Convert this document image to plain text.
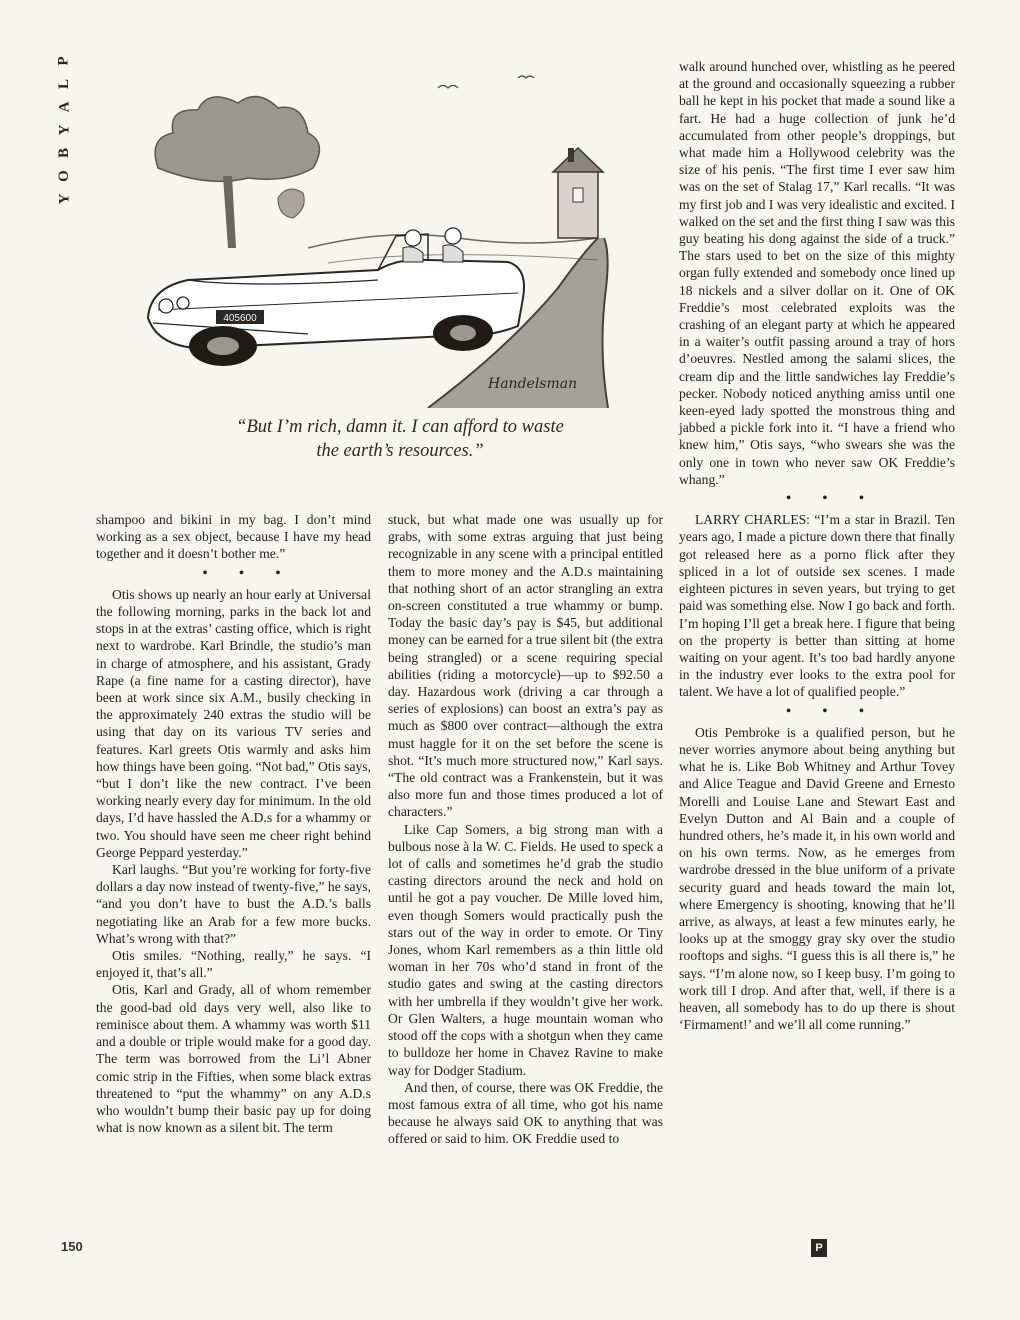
P
L
A
Y
B
O
Y
405600
Handelsman
“But I’m rich, damn it. I can afford to waste
the earth’s resources.”

shampoo and bikini in my bag. I don’t mind working as a sex object, because I have my head together and it doesn’t bother me.”

• • •

Otis shows up nearly an hour early at Universal the following morning, parks in the back lot and stops in at the extras’ casting office, which is right next to wardrobe. Karl Brindle, the studio’s man in charge of atmosphere, and his assistant, Grady Rape (a fine name for a casting director), have been at work since six A.M., busily checking in the approximately 240 extras the studio will be using that day on its various TV series and features. Karl greets Otis warmly and asks him how things have been going. “Not bad,” Otis says, “but I don’t like the new contract. I’ve been working nearly every day for minimum. In the old days, I’d have hassled the A.D.s for a whammy or two. You should have seen me cheer right behind George Peppard yesterday.”

Karl laughs. “But you’re working for forty-five dollars a day now instead of twenty-five,” he says, “and you don’t have to bust the A.D.’s balls negotiating like an Arab for a few more bucks. What’s wrong with that?”

Otis smiles. “Nothing, really,” he says. “I enjoyed it, that’s all.”

Otis, Karl and Grady, all of whom remember the good-bad old days very well, also like to reminisce about them. A whammy was worth $11 and a double or triple would make for a good day. The term was borrowed from the Li’l Abner comic strip in the Fifties, when some black extras threatened to “put the whammy” on any A.D.s who wouldn’t bump their basic pay up for doing what is now known as a silent bit. The term

stuck, but what made one was usually up for grabs, with some extras arguing that just being recognizable in any scene with a principal entitled them to more money and the A.D.s maintaining that nothing short of an actor strangling an extra on-screen constituted a true whammy or bump. Today the basic day’s pay is $45, but additional money can be earned for a true silent bit (the extra being strangled) or a scene requiring special abilities (riding a motorcycle)—up to $92.50 a day. Hazardous work (driving a car through a series of explosions) can boost an extra’s pay as much as $800 over contract—although the extra must haggle for it on the set before the scene is shot. “It’s much more structured now,” Karl says. “The old contract was a Frankenstein, but it was also more fun and those times produced a lot of characters.”

Like Cap Somers, a big strong man with a bulbous nose à la W. C. Fields. He used to speck a lot of calls and sometimes he’d grab the studio casting directors around the neck and hold on until he got a pay voucher. De Mille loved him, even though Somers would practically push the stars out of the way in order to emote. Or Tiny Jones, whom Karl remembers as a thin little old woman in her 70s who’d stand in front of the studio gates and swing at the casting directors with her umbrella if they wouldn’t give her work. Or Glen Walters, a huge mountain woman who stood off the cops with a shotgun when they came to bulldoze her home in Chavez Ravine to make way for Dodger Stadium.

And then, of course, there was OK Freddie, the most famous extra of all time, who got his name because he always said OK to anything that was offered or said to him. OK Freddie used to

walk around hunched over, whistling as he peered at the ground and occasionally squeezing a rubber ball he kept in his pocket that made a sound like a fart. He had a huge collection of junk he’d accumulated from other people’s droppings, but what made him a Hollywood celebrity was the size of his penis. “The first time I ever saw him was on the set of Stalag 17,” Karl recalls. “It was my first job and I was very idealistic and excited. I walked on the set and the first thing I saw was this guy beating his dong against the side of a truck.” The stars used to bet on the size of this mighty organ fully extended and somebody once lined up 18 nickels and a silver dollar on it. One of OK Freddie’s most celebrated exploits was the crashing of an elegant party at which he appeared in a waiter’s outfit passing around a tray of hors d’oeuvres. Nestled among the salami slices, the cream dip and the little sandwiches lay Freddie’s pecker. Nobody noticed anything amiss until one keen-eyed lady spotted the monstrous thing and jabbed a pickle fork into it. “I have a friend who knew him,” Otis says, “who swears she was the only one in town who never saw OK Freddie’s whang.”

• • •

LARRY CHARLES: “I’m a star in Brazil. Ten years ago, I made a picture down there that finally got released here as a porno flick after they spliced in a lot of outside sex scenes. I made eighteen pictures in seven years, but trying to get paid was something else. Now I go back and forth. I’m hoping I’ll get a break here. I figure that being on the property is better than sitting at home waiting on your agent. It’s too bad hardly anyone in the industry ever looks to the extra pool for talent. We have a lot of qualified people.”

• • •

Otis Pembroke is a qualified person, but he never worries anymore about being anything but what he is. Like Bob Whitney and Arthur Tovey and Alice Teague and David Greene and Ernesto Morelli and Louise Lane and Stewart East and Evelyn Dutton and Al Bain and a couple of hundred others, he’s made it, in his own world and on his own terms. Now, as he emerges from wardrobe dressed in the blue uniform of a private security guard and heads toward the main lot, where Emergency is shooting, knowing that he’ll arrive, as always, at least a few minutes early, he looks up at the smoggy gray sky over the studio rooftops and sighs. “I guess this is all there is,” he says. “I’m alone now, so I keep busy. I’m going to work till I drop. And after that, well, if there is a heaven, all somebody has to do up there is shout ‘Firmament!’ and we’ll all come running.”

150	P
